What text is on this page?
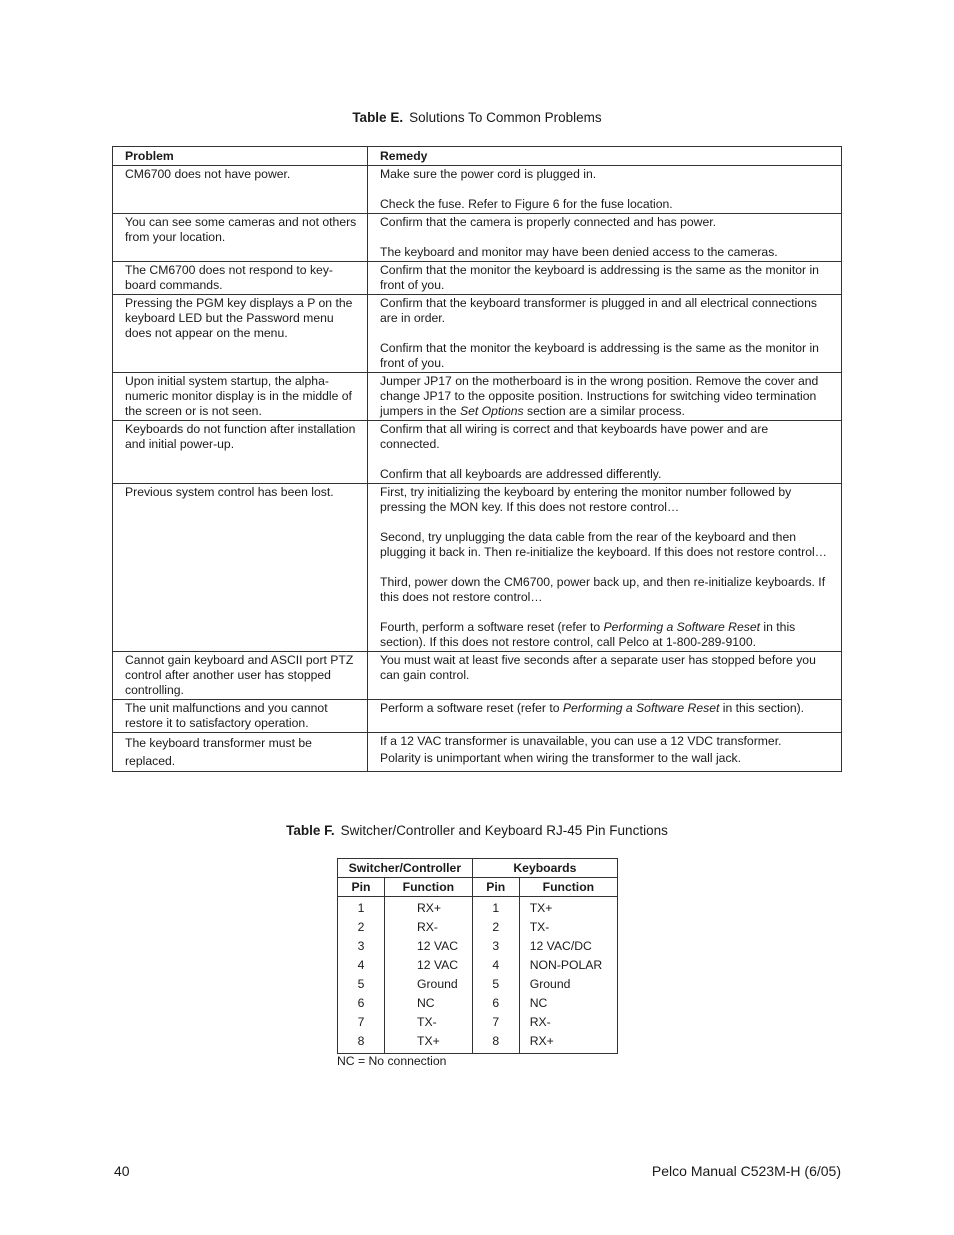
Table E. Solutions To Common Problems
Problem	Remedy
CM6700 does not have power.	Make sure the power cord is plugged in.

Check the fuse. Refer to Figure 6 for the fuse location.

You can see some cameras and not others from your location.	Confirm that the camera is properly connected and has power.

The keyboard and monitor may have been denied access to the cameras.

The CM6700 does not respond to key-board commands.	Confirm that the monitor the keyboard is addressing is the same as the monitor in front of you.

Pressing the PGM key displays a P on the keyboard LED but the Password menu does not appear on the menu.	Confirm that the keyboard transformer is plugged in and all electrical connections are in order.

Confirm that the monitor the keyboard is addressing is the same as the monitor in front of you.

Upon initial system startup, the alpha-numeric monitor display is in the middle of the screen or is not seen.	Jumper JP17 on the motherboard is in the wrong position. Remove the cover and change JP17 to the opposite position. Instructions for switching video termination jumpers in the Set Options section are a similar process.

Keyboards do not function after installation and initial power-up.	Confirm that all wiring is correct and that keyboards have power and are connected.

Confirm that all keyboards are addressed differently.

Previous system control has been lost.	First, try initializing the keyboard by entering the monitor number followed by pressing the MON key. If this does not restore control…

Second, try unplugging the data cable from the rear of the keyboard and then plugging it back in. Then re-initialize the keyboard. If this does not restore control…

Third, power down the CM6700, power back up, and then re-initialize keyboards. If this does not restore control…

Fourth, perform a software reset (refer to Performing a Software Reset in this section). If this does not restore control, call Pelco at 1-800-289-9100.

Cannot gain keyboard and ASCII port PTZ control after another user has stopped controlling.	You must wait at least five seconds after a separate user has stopped before you can gain control.

The unit malfunctions and you cannot restore it to satisfactory operation.	Perform a software reset (refer to Performing a Software Reset in this section).

The keyboard transformer must be replaced.	If a 12 VAC transformer is unavailable, you can use a 12 VDC transformer.

Polarity is unimportant when wiring the transformer to the wall jack.

Table F. Switcher/Controller and Keyboard RJ-45 Pin Functions
Switcher/Controller		Keyboards	
Pin	Function	Pin	Function
1	RX+	1	TX+
2	RX-	2	TX-
3	12 VAC	3	12 VAC/DC
4	12 VAC	4	NON-POLAR
5	Ground	5	Ground
6	NC	6	NC
7	TX-	7	RX-
8	TX+	8	RX+
NC = No connection
40	Pelco Manual C523M-H (6/05)
